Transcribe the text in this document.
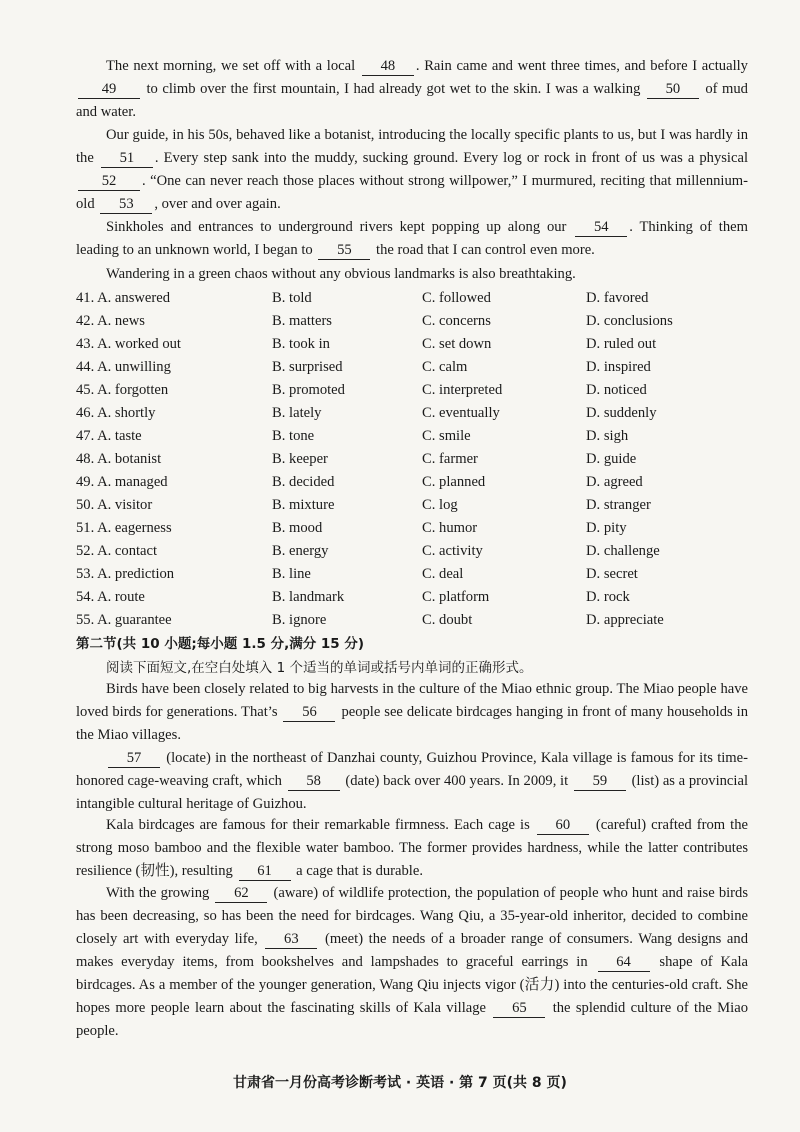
The next morning, we set off with a local 48 . Rain came and went three times, and before I actually 49 to climb over the first mountain, I had already got wet to the skin. I was a walking 50 of mud and water.
Our guide, in his 50s, behaved like a botanist, introducing the locally specific plants to us, but I was hardly in the 51 . Every step sank into the muddy, sucking ground. Every log or rock in front of us was a physical 52 . “One can never reach those places without strong willpower,” I murmured, reciting that millennium-old 53 , over and over again.
Sinkholes and entrances to underground rivers kept popping up along our 54 . Thinking of them leading to an unknown world, I began to 55 the road that I can control even more.
Wandering in a green chaos without any obvious landmarks is also breathtaking.
41. A. answered	B. told	C. followed	D. favored
42. A. news	B. matters	C. concerns	D. conclusions
43. A. worked out	B. took in	C. set down	D. ruled out
44. A. unwilling	B. surprised	C. calm	D. inspired
45. A. forgotten	B. promoted	C. interpreted	D. noticed
46. A. shortly	B. lately	C. eventually	D. suddenly
47. A. taste	B. tone	C. smile	D. sigh
48. A. botanist	B. keeper	C. farmer	D. guide
49. A. managed	B. decided	C. planned	D. agreed
50. A. visitor	B. mixture	C. log	D. stranger
51. A. eagerness	B. mood	C. humor	D. pity
52. A. contact	B. energy	C. activity	D. challenge
53. A. prediction	B. line	C. deal	D. secret
54. A. route	B. landmark	C. platform	D. rock
55. A. guarantee	B. ignore	C. doubt	D. appreciate
第二节(共 10 小题;每小题 1.5 分,满分 15 分)
阅读下面短文,在空白处填入 1 个适当的单词或括号内单词的正确形式。
Birds have been closely related to big harvests in the culture of the Miao ethnic group. The Miao people have loved birds for generations. That’s 56 people see delicate birdcages hanging in front of many households in the Miao villages.
57 (locate) in the northeast of Danzhai county, Guizhou Province, Kala village is famous for its time-honored cage-weaving craft, which 58 (date) back over 400 years. In 2009, it 59 (list) as a provincial intangible cultural heritage of Guizhou.
Kala birdcages are famous for their remarkable firmness. Each cage is 60 (careful) crafted from the strong moso bamboo and the flexible water bamboo. The former provides hardness, while the latter contributes resilience (韧性), resulting 61 a cage that is durable.
With the growing 62 (aware) of wildlife protection, the population of people who hunt and raise birds has been decreasing, so has been the need for birdcages. Wang Qiu, a 35-year-old inheritor, decided to combine closely art with everyday life, 63 (meet) the needs of a broader range of consumers. Wang designs and makes everyday items, from bookshelves and lampshades to graceful earrings in 64 shape of Kala birdcages. As a member of the younger generation, Wang Qiu injects vigor (活力) into the centuries-old craft. She hopes more people learn about the fascinating skills of Kala village 65 the splendid culture of the Miao people.
甘肃省一月份高考诊断考试 · 英语 · 第 7 页(共 8 页)
